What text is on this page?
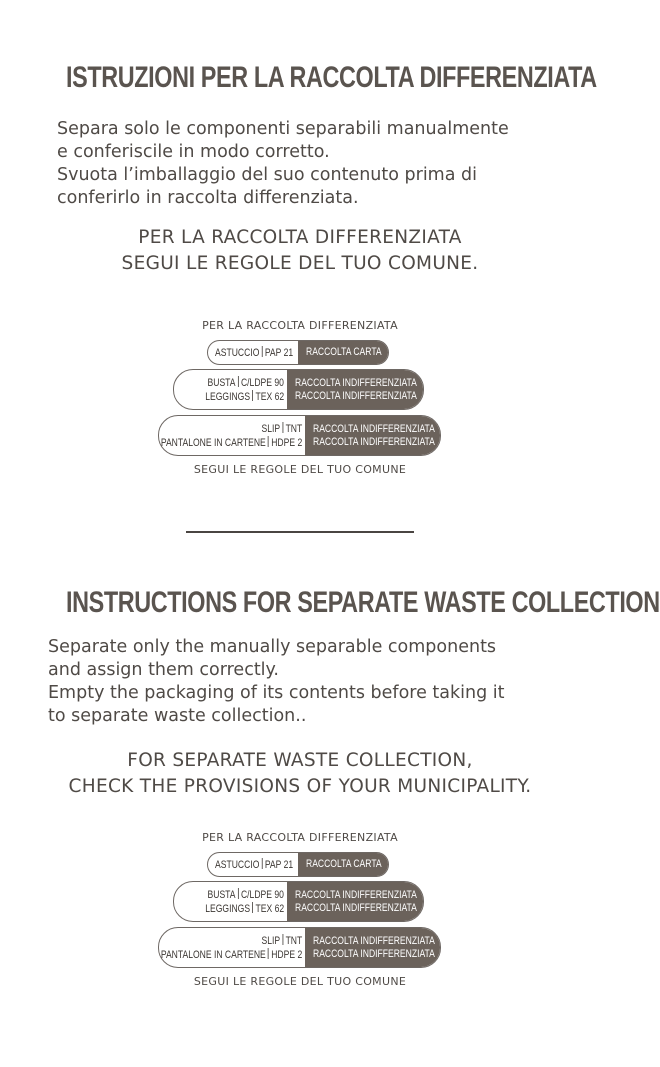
ISTRUZIONI PER LA RACCOLTA DIFFERENZIATA
Separa solo le componenti separabili manualmente
e conferiscile in modo corretto.
Svuota l’imballaggio del suo contenuto prima di
conferirlo in raccolta differenziata.
PER LA RACCOLTA DIFFERENZIATA
SEGUI LE REGOLE DEL TUO COMUNE.
PER LA RACCOLTA DIFFERENZIATA
ASTUCCIO PAP 21 RACCOLTA CARTA
BUSTA C/LDPE 90
LEGGINGS TEX 62
RACCOLTA INDIFFERENZIATA
RACCOLTA INDIFFERENZIATA
SLIP TNT
PANTALONE IN CARTENE HDPE 2
RACCOLTA INDIFFERENZIATA
RACCOLTA INDIFFERENZIATA
SEGUI LE REGOLE DEL TUO COMUNE
INSTRUCTIONS FOR SEPARATE WASTE COLLECTION
Separate only the manually separable components
and assign them correctly.
Empty the packaging of its contents before taking it
to separate waste collection..
FOR SEPARATE WASTE COLLECTION,
CHECK THE PROVISIONS OF YOUR MUNICIPALITY.
PER LA RACCOLTA DIFFERENZIATA
ASTUCCIO PAP 21 RACCOLTA CARTA
BUSTA C/LDPE 90
LEGGINGS TEX 62
RACCOLTA INDIFFERENZIATA
RACCOLTA INDIFFERENZIATA
SLIP TNT
PANTALONE IN CARTENE HDPE 2
RACCOLTA INDIFFERENZIATA
RACCOLTA INDIFFERENZIATA
SEGUI LE REGOLE DEL TUO COMUNE
